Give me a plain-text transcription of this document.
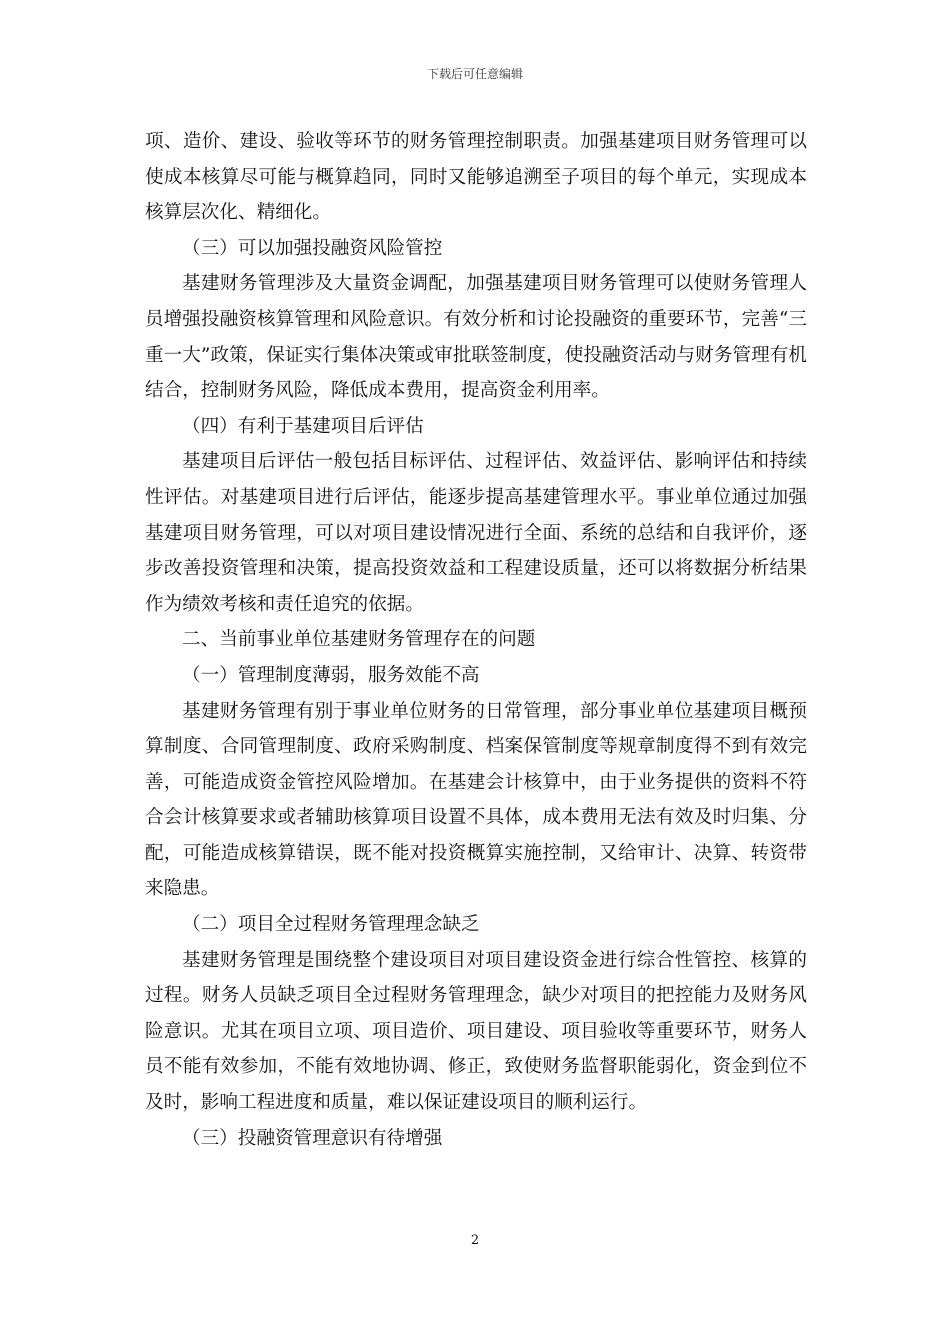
下载后可任意编辑

项、造价、建设、验收等环节的财务管理控制职责。加强基建项目财务管理可以使成本核算尽可能与概算趋同，同时又能够追溯至子项目的每个单元，实现成本核算层次化、精细化。

（三）可以加强投融资风险管控

基建财务管理涉及大量资金调配，加强基建项目财务管理可以使财务管理人员增强投融资核算管理和风险意识。有效分析和讨论投融资的重要环节，完善“三重一大”政策，保证实行集体决策或审批联签制度，使投融资活动与财务管理有机结合，控制财务风险，降低成本费用，提高资金利用率。

（四）有利于基建项目后评估

基建项目后评估一般包括目标评估、过程评估、效益评估、影响评估和持续性评估。对基建项目进行后评估，能逐步提高基建管理水平。事业单位通过加强基建项目财务管理，可以对项目建设情况进行全面、系统的总结和自我评价，逐步改善投资管理和决策，提高投资效益和工程建设质量，还可以将数据分析结果作为绩效考核和责任追究的依据。

二、当前事业单位基建财务管理存在的问题

（一）管理制度薄弱，服务效能不高

基建财务管理有别于事业单位财务的日常管理，部分事业单位基建项目概预算制度、合同管理制度、政府采购制度、档案保管制度等规章制度得不到有效完善，可能造成资金管控风险增加。在基建会计核算中，由于业务提供的资料不符合会计核算要求或者辅助核算项目设置不具体，成本费用无法有效及时归集、分配，可能造成核算错误，既不能对投资概算实施控制，又给审计、决算、转资带来隐患。

（二）项目全过程财务管理理念缺乏

基建财务管理是围绕整个建设项目对项目建设资金进行综合性管控、核算的过程。财务人员缺乏项目全过程财务管理理念，缺少对项目的把控能力及财务风险意识。尤其在项目立项、项目造价、项目建设、项目验收等重要环节，财务人员不能有效参加，不能有效地协调、修正，致使财务监督职能弱化，资金到位不及时，影响工程进度和质量，难以保证建设项目的顺利运行。

（三）投融资管理意识有待增强

2
